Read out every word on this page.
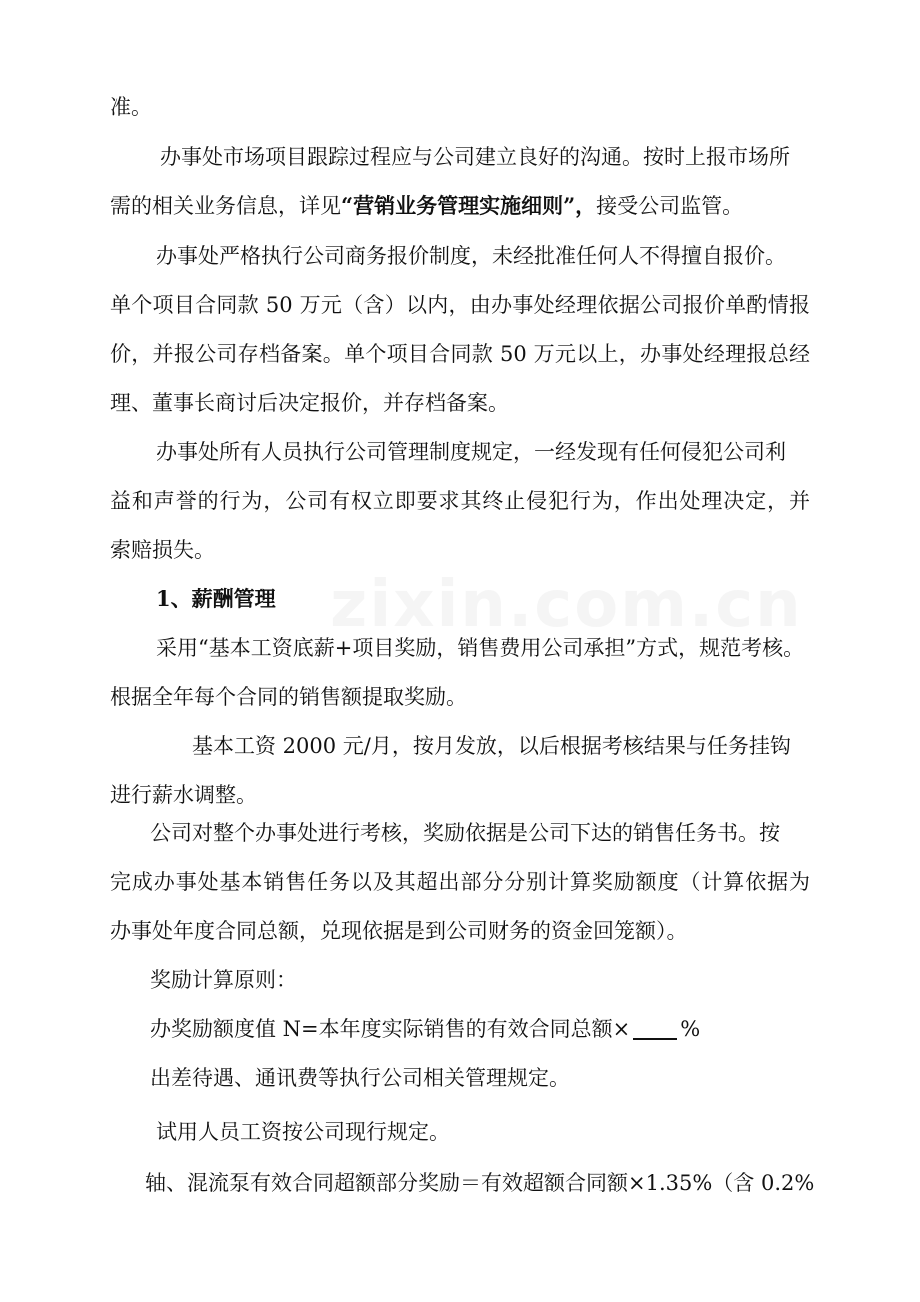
zixin.com.cn
准。
办事处市场项目跟踪过程应与公司建立良好的沟通。按时上报市场所
需的相关业务信息，详见“营销业务管理实施细则”，接受公司监管。
办事处严格执行公司商务报价制度，未经批准任何人不得擅自报价。
单个项目合同款 50 万元（含）以内，由办事处经理依据公司报价单酌情报
价，并报公司存档备案。单个项目合同款 50 万元以上，办事处经理报总经
理、董事长商讨后决定报价，并存档备案。
办事处所有人员执行公司管理制度规定，一经发现有任何侵犯公司利
益和声誉的行为，公司有权立即要求其终止侵犯行为，作出处理决定，并
索赔损失。
1、薪酬管理
采用“基本工资底薪+项目奖励，销售费用公司承担”方式，规范考核。
根据全年每个合同的销售额提取奖励。
基本工资 2000 元/月，按月发放，以后根据考核结果与任务挂钩
进行薪水调整。
公司对整个办事处进行考核，奖励依据是公司下达的销售任务书。按
完成办事处基本销售任务以及其超出部分分别计算奖励额度（计算依据为
办事处年度合同总额，兑现依据是到公司财务的资金回笼额）。
奖励计算原则：
办奖励额度值 N=本年度实际销售的有效合同总额× %
出差待遇、通讯费等执行公司相关管理规定。
试用人员工资按公司现行规定。
轴、混流泵有效合同超额部分奖励＝有效超额合同额×1.35%（含 0.2%
